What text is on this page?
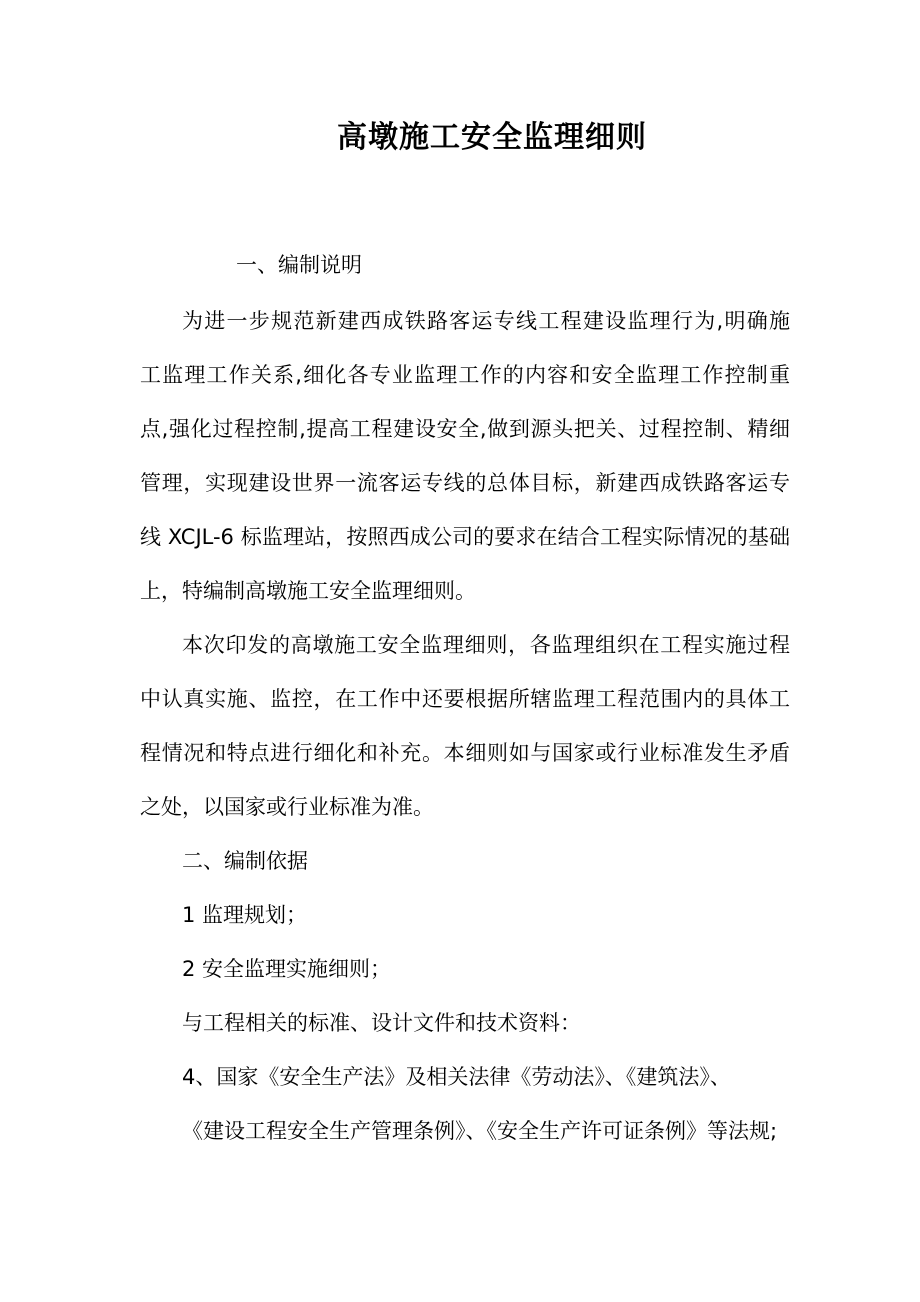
高墩施工安全监理细则

一、编制说明

为进一步规范新建西成铁路客运专线工程建设监理行为,明确施

工监理工作关系,细化各专业监理工作的内容和安全监理工作控制重

点,强化过程控制,提高工程建设安全,做到源头把关、过程控制、精细

管理，实现建设世界一流客运专线的总体目标，新建西成铁路客运专

线 XCJL-6 标监理站，按照西成公司的要求在结合工程实际情况的基础

上，特编制高墩施工安全监理细则。

本次印发的高墩施工安全监理细则，各监理组织在工程实施过程

中认真实施、监控，在工作中还要根据所辖监理工程范围内的具体工

程情况和特点进行细化和补充。本细则如与国家或行业标准发生矛盾

之处，以国家或行业标准为准。

二、编制依据

1 监理规划；

2 安全监理实施细则；

与工程相关的标准、设计文件和技术资料：

4、国家《安全生产法》及相关法律《劳动法》、《建筑法》、

《建设工程安全生产管理条例》、《安全生产许可证条例》等法规;
